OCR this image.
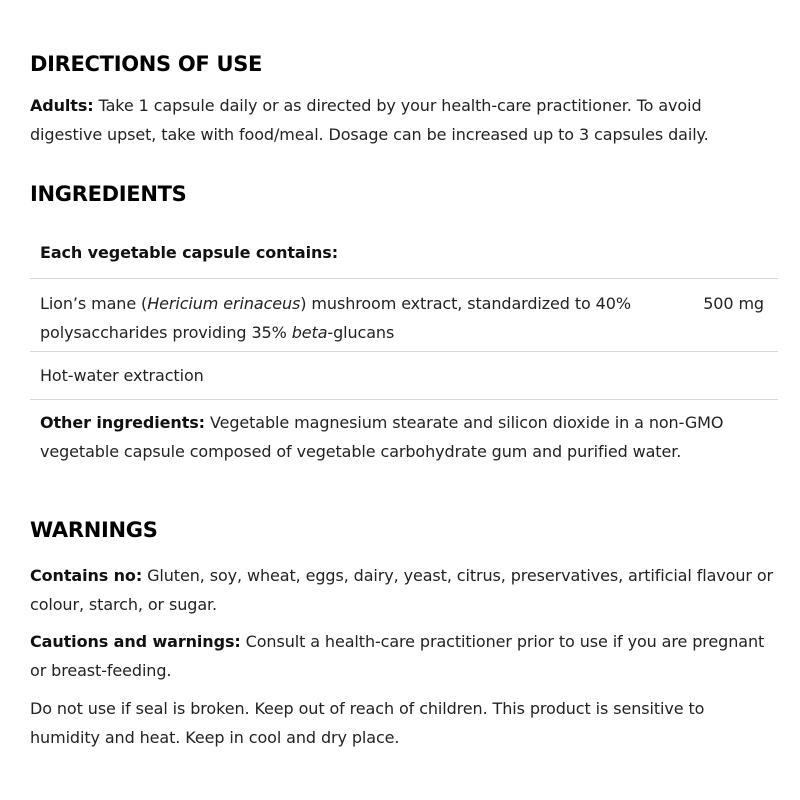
DIRECTIONS OF USE

Adults: Take 1 capsule daily or as directed by your health-care practitioner. To avoid digestive upset, take with food/meal. Dosage can be increased up to 3 capsules daily.

INGREDIENTS
Each vegetable capsule contains:
Lion’s mane (Hericium erinaceus) mushroom extract, standardized to 40% polysaccharides providing 35% beta-glucans
500 mg
Hot-water extraction
Other ingredients: Vegetable magnesium stearate and silicon dioxide in a non-GMO vegetable capsule composed of vegetable carbohydrate gum and purified water.
WARNINGS

Contains no: Gluten, soy, wheat, eggs, dairy, yeast, citrus, preservatives, artificial flavour or colour, starch, or sugar.

Cautions and warnings: Consult a health-care practitioner prior to use if you are pregnant or breast-feeding.

Do not use if seal is broken. Keep out of reach of children. This product is sensitive to humidity and heat. Keep in cool and dry place.
